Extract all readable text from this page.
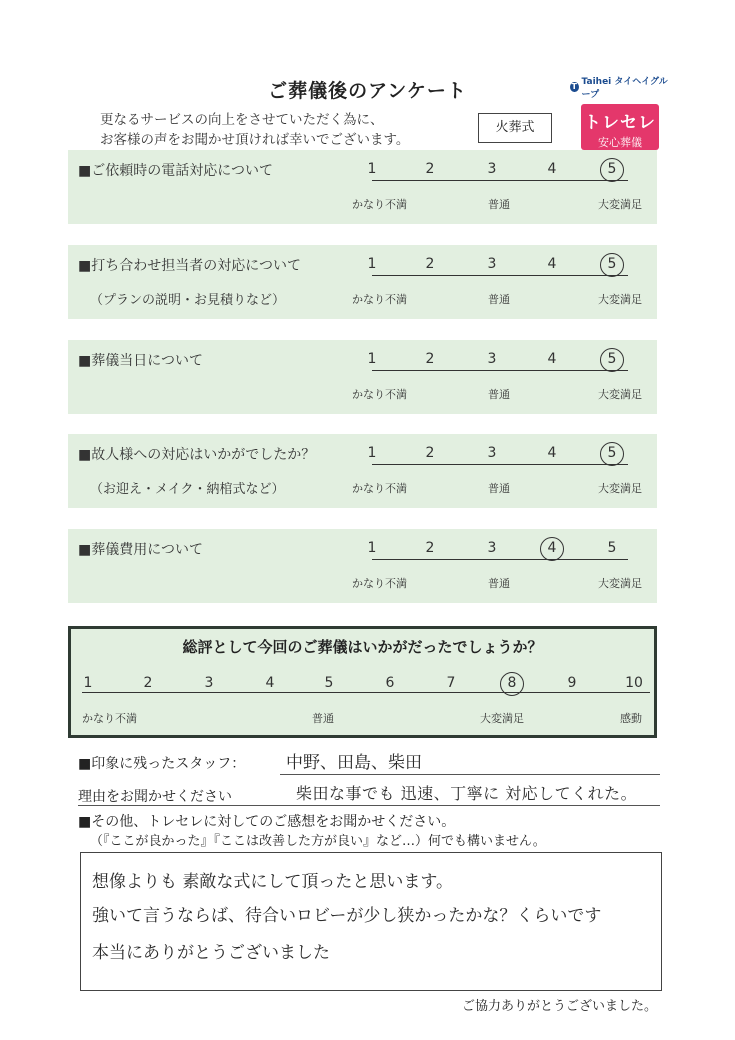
ご葬儀後のアンケート
更なるサービスの向上をさせていただく為に、
お客様の声をお聞かせ頂ければ幸いでございます。
火葬式
T Taihei タイヘイグループ
トレセレ
安心葬儀
■ご依頼時の電話対応について	1	2	3	4	5
かなり不満	普通	大変満足
■打ち合わせ担当者の対応について
（プランの説明・お見積りなど）
1	2	3	4	5
かなり不満	普通	大変満足
■葬儀当日について	1	2	3	4	5
かなり不満	普通	大変満足
■故人様への対応はいかがでしたか？
（お迎え・メイク・納棺式など）
1	2	3	4	5
かなり不満	普通	大変満足
■葬儀費用について	1	2	3	4	5
かなり不満	普通	大変満足
総評として今回のご葬儀はいかがだったでしょうか？
1	2	3	4	5	6	7	8	9	10
かなり不満	普通	大変満足	感動
■印象に残ったスタッフ： 中野、田島、柴田
理由をお聞かせください	柴田な事でも 迅速、丁寧に 対応してくれた。
■その他、トレセレに対してのご感想をお聞かせください。
（『ここが良かった』『ここは改善した方が良い』など…）何でも構いません。
想像よりも 素敵な式にして頂ったと思います。
強いて言うならば、待合いロビーが少し狭かったかな？くらいです
本当にありがとうございました
ご協力ありがとうございました。
